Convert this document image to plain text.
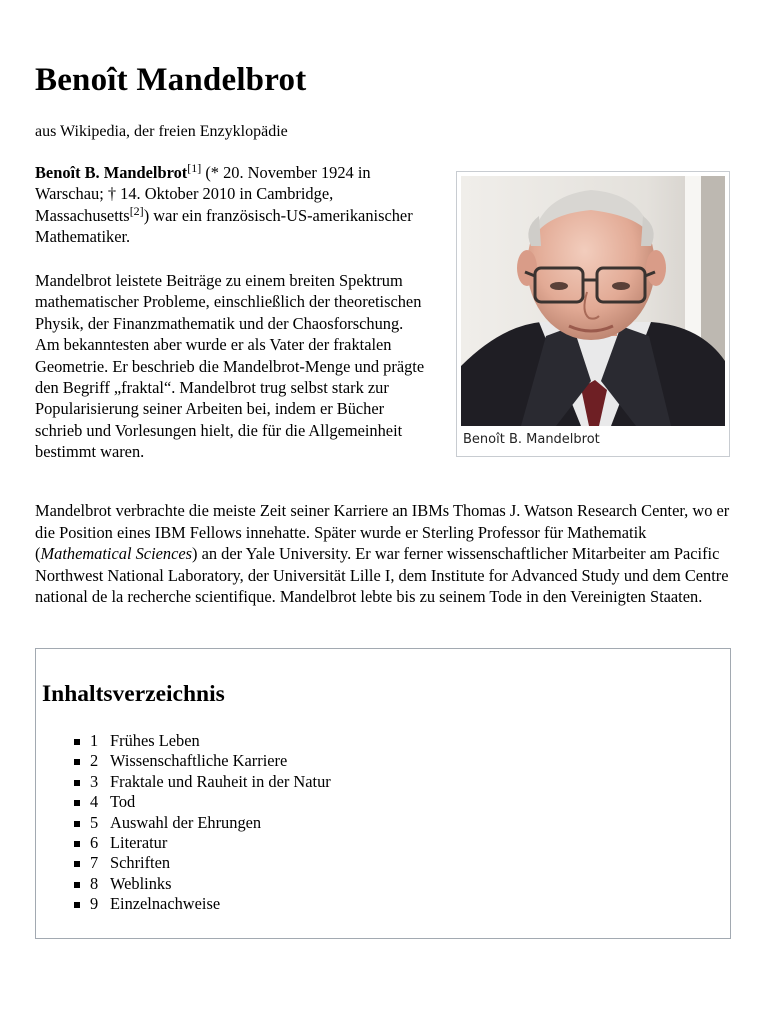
Benoît Mandelbrot

aus Wikipedia, der freien Enzyklopädie

Benoît B. Mandelbrot[1] (* 20. November 1924 in Warschau; † 14. Oktober 2010 in Cambridge, Massachusetts[2]) war ein französisch-US-amerikanischer Mathematiker.

Mandelbrot leistete Beiträge zu einem breiten Spektrum mathematischer Probleme, einschließlich der theoretischen Physik, der Finanzmathematik und der Chaosforschung. Am bekanntesten aber wurde er als Vater der fraktalen Geometrie. Er beschrieb die Mandelbrot-Menge und prägte den Begriff „fraktal“. Mandelbrot trug selbst stark zur Popularisierung seiner Arbeiten bei, indem er Bücher schrieb und Vorlesungen hielt, die für die Allgemeinheit bestimmt waren.

Benoît B. Mandelbrot

Mandelbrot verbrachte die meiste Zeit seiner Karriere an IBMs Thomas J. Watson Research Center, wo er die Position eines IBM Fellows innehatte. Später wurde er Sterling Professor für Mathematik (Mathematical Sciences) an der Yale University. Er war ferner wissenschaftlicher Mitarbeiter am Pacific Northwest National Laboratory, der Universität Lille I, dem Institute for Advanced Study und dem Centre national de la recherche scientifique. Mandelbrot lebte bis zu seinem Tode in den Vereinigten Staaten.

Inhaltsverzeichnis
1 Frühes Leben
2 Wissenschaftliche Karriere
3 Fraktale und Rauheit in der Natur
4 Tod
5 Auswahl der Ehrungen
6 Literatur
7 Schriften
8 Weblinks
9 Einzelnachweise
